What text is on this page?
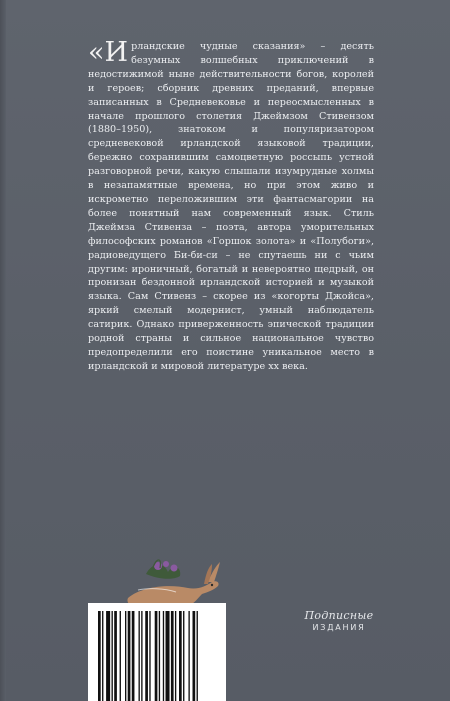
«Ирландские чудные сказания» – десять безумных волшебных приключений в недостижимой ныне действительности богов, королей и героев; сборник древних преданий, впервые записанных в Средневековье и переосмысленных в начале прошлого столетия Джеймзом Стивензом (1880–1950), знатоком и популяризатором средневековой ирландской языковой традиции, бережно сохранившим самоцветную россыпь устной разговорной речи, какую слышали изумрудные холмы в незапамятные времена, но при этом живо и искрометно переложившим эти фантасмагории на более понятный нам современный язык. Стиль Джеймза Стивенза – поэта, автора уморительных философских романов «Горшок золота» и «Полубоги», радиоведущего Би-би-си – не спутаешь ни с чьим другим: ироничный, богатый и невероятно щедрый, он пронизан бездонной ирландской историей и музыкой языка. Сам Стивенз – скорее из «когорты Джойса», яркий смелый модернист, умный наблюдатель сатирик. Однако приверженность эпической традиции родной страны и сильное национальное чувство предопределили его поистине уникальное место в ирландской и мировой литературе xx века.

Подписные
ИЗДАНИЯ
